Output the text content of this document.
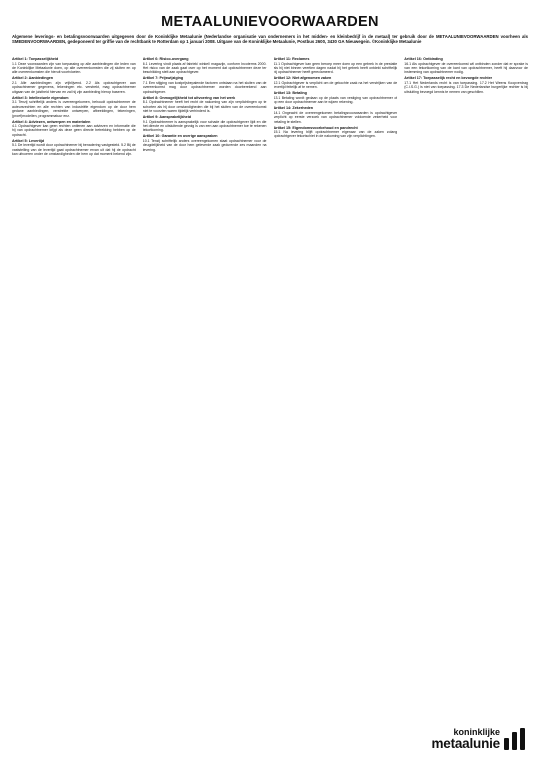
METAALUNIEVOORWAARDEN
Algemene leverings- en betalingsvoorwaarden uitgegeven door de Koninklijke Metaalunie (Nederlandse organisatie van ondernemers in het midden- en kleinbedrijf in de metaal) ter gebruik door de METAALUNIEVOORWAARDEN voorheen als SMEDENVOORWAARDEN, gedeponeerd ter griffie van de rechtbank te Rotterdam op 1 januari 2008. Uitgave van de Koninklijke Metaalunie, Postbus 2600, 3430 GA Nieuwegein. ©Koninklijke Metaalunie
Artikel 1: Toepasselijkheid

1.1 Deze voorwaarden zijn van toepassing op alle aanbiedingen die leden van de Koninklijke Metaalunie doen, op alle overeenkomsten die zij sluiten en op alle overeenkomsten die hieruit voortvloeien.

Artikel 2: Aanbiedingen

2.1 Alle aanbiedingen zijn vrijblijvend. 2.2 Als opdrachtgever aan opdrachtnemer gegevens, tekeningen etc. verstrekt, mag opdrachtnemer uitgaan van de juistheid hiervan en zal hij zijn aanbieding hierop baseren.

Artikel 3: Intellectuele eigendom

3.1 Tenzij schriftelijk anders is overeengekomen, behoudt opdrachtnemer de auteursrechten en alle rechten van industriële eigendom op de door hem gedane aanbiedingen, verstrekte ontwerpen, afbeeldingen, tekeningen, (proef)modellen, programmatuur enz.

Artikel 4: Adviezen, ontwerpen en materialen

4.1 Opdrachtgever kan geen rechten ontlenen aan adviezen en informatie die hij van opdrachtnemer krijgt als deze geen directe betrekking hebben op de opdracht.

Artikel 5: Levertijd

5.1 De levertijd wordt door opdrachtnemer bij benadering vastgesteld. 5.2 Bij de vaststelling van de levertijd gaat opdrachtnemer ervan uit dat hij de opdracht kan uitvoeren onder de omstandigheden die hem op dat moment bekend zijn.

Artikel 6: Risico-overgang

6.1 Levering vindt plaats af fabriek/ winkel/ magazijn, conform Incoterms 2000. Het risico van de zaak gaat over op het moment dat opdrachtnemer deze ter beschikking stelt aan opdrachtgever.

Artikel 7: Prijswijziging

7.1 Een stijging van kostprijsbepalende factoren ontstaan na het sluiten van de overeenkomst mag door opdrachtnemer worden doorberekend aan opdrachtgever.

Artikel 8: Onmogelijkheid tot uitvoering van het werk

8.1 Opdrachtnemer heeft het recht de nakoming van zijn verplichtingen op te schorten als hij door omstandigheden die bij het sluiten van de overeenkomst niet te voorzien waren tijdelijk verhinderd is.

Artikel 9: Aansprakelijkheid

9.1 Opdrachtnemer is aansprakelijk voor schade die opdrachtgever lijdt en die het directe en uitsluitende gevolg is van een aan opdrachtnemer toe te rekenen tekortkoming.

Artikel 10: Garantie en overige aanspraken

10.1 Tenzij schriftelijk anders overeengekomen staat opdrachtnemer voor de deugdelijkheid van de door hem geleverde zaak gedurende zes maanden na levering.

Artikel 11: Reclames

11.1 Opdrachtgever kan geen beroep meer doen op een gebrek in de prestatie als hij niet binnen veertien dagen nadat hij het gebrek heeft ontdekt schriftelijk bij opdrachtnemer heeft gereclameerd.

Artikel 12: Niet afgenomen zaken

12.1 Opdrachtgever is verplicht om de gekochte zaak na het verstrijken van de levertijd feitelijk af te nemen.

Artikel 13: Betaling

13.1 Betaling wordt gedaan op de plaats van vestiging van opdrachtnemer of op een door opdrachtnemer aan te wijzen rekening.

Artikel 14: Zekerheden

14.1 Ongeacht de overeengekomen betalingsvoorwaarden is opdrachtgever verplicht op eerste verzoek van opdrachtnemer voldoende zekerheid voor betaling te stellen.

Artikel 15: Eigendomsvoorbehoud en pandrecht

15.1 Na levering blijft opdrachtnemer eigenaar van de zaken zolang opdrachtgever tekortschiet in de nakoming van zijn verplichtingen.

Artikel 16: Ontbinding

16.1 Als opdrachtgever de overeenkomst wil ontbinden zonder dat er sprake is van een tekortkoming van de kant van opdrachtnemer, heeft hij daarvoor de instemming van opdrachtnemer nodig.

Artikel 17: Toepasselijk recht en bevoegde rechter

17.1 Het Nederlands recht is van toepassing. 17.2 Het Weens Koopverdrag (C.I.S.G.) is niet van toepassing. 17.3 De Nederlandse burgerlijke rechter is bij uitsluiting bevoegd kennis te nemen van geschillen.

koninklijke
metaalunie
